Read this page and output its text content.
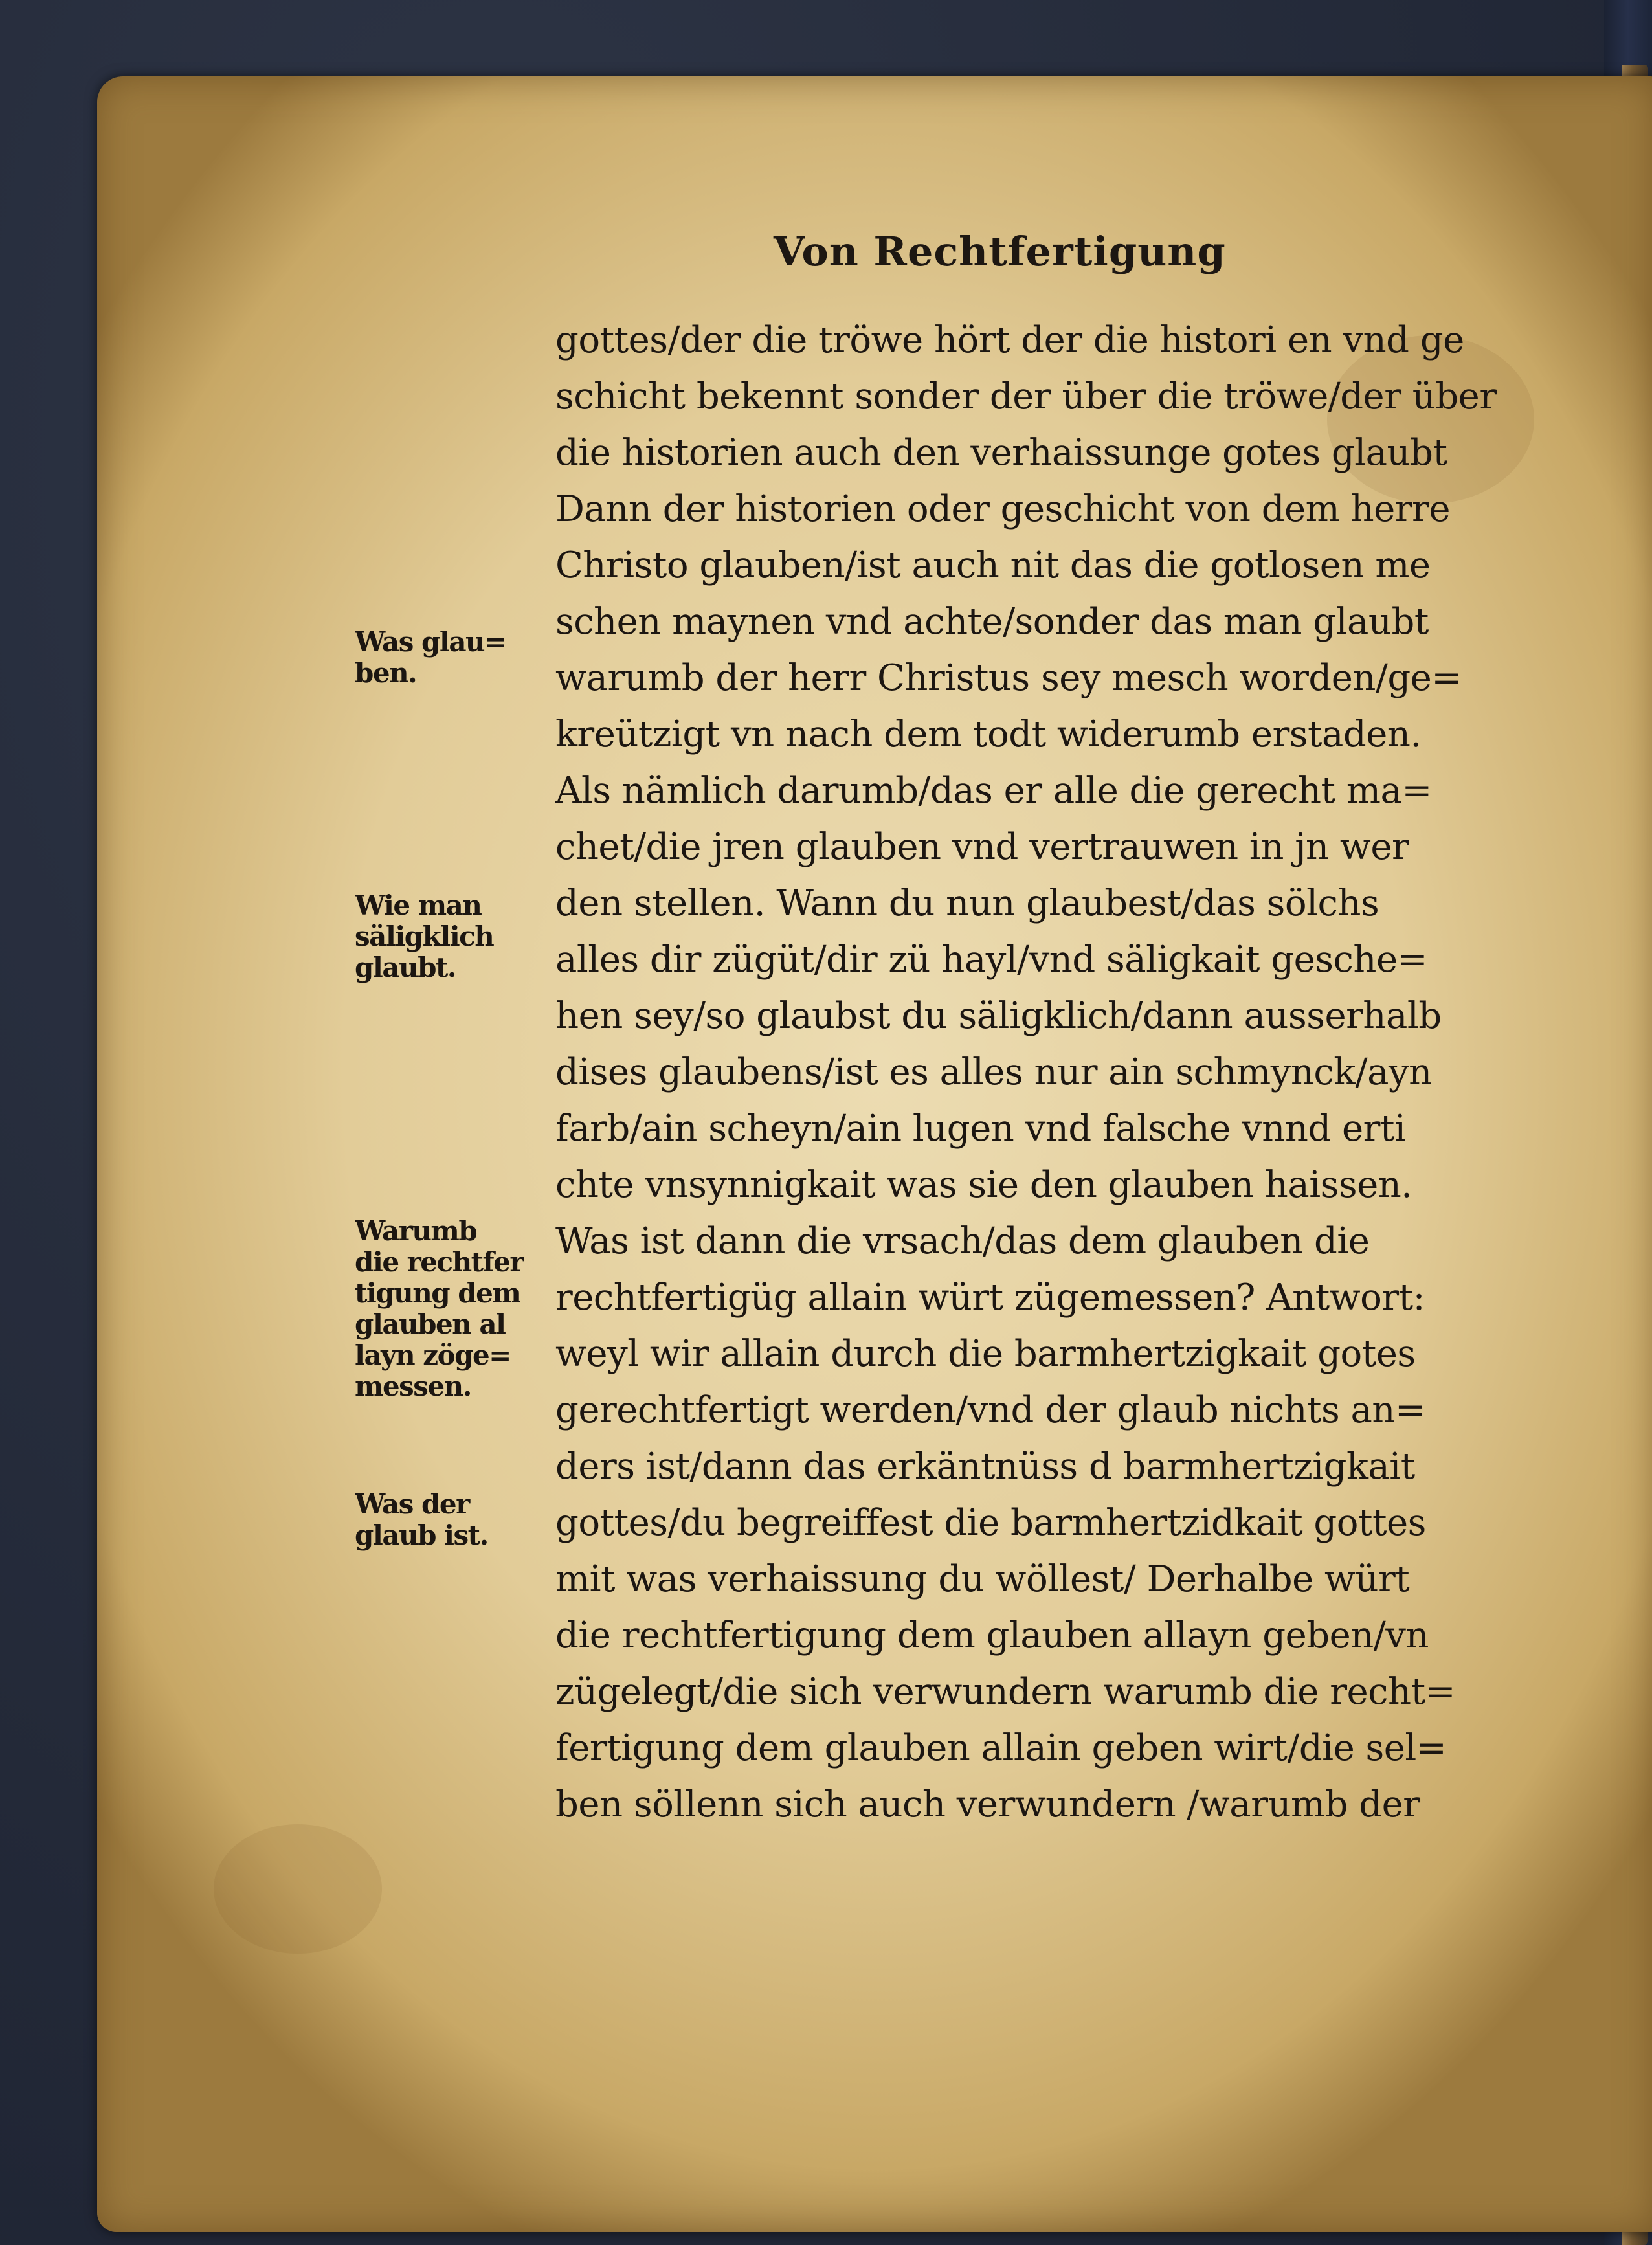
Von Rechtfertigung
gottes/der die tröwe hört der die histori en vnd ge
schicht bekennt sonder der über die tröwe/der über
die historien auch den verhaissunge gotes glaubt
Dann der historien oder geschicht von dem herre
Christo glauben/ist auch nit das die gotlosen me
schen maynen vnd achte/sonder das man glaubt
warumb der herr Christus sey mesch worden/ge=
kreützigt vn nach dem todt widerumb erstaden.
Als nämlich darumb/das er alle die gerecht ma=
chet/die jren glauben vnd vertrauwen in jn wer
den stellen. Wann du nun glaubest/das sölchs
alles dir zügüt/dir zü hayl/vnd säligkait gesche=
hen sey/so glaubst du säligklich/dann ausserhalb
dises glaubens/ist es alles nur ain schmynck/ayn
farb/ain scheyn/ain lugen vnd falsche vnnd erti
chte vnsynnigkait was sie den glauben haissen.
Was ist dann die vrsach/das dem glauben die
rechtfertigüg allain würt zügemessen? Antwort:
weyl wir allain durch die barmhertzigkait gotes
gerechtfertigt werden/vnd der glaub nichts an=
ders ist/dann das erkäntnüss d barmhertzigkait
gottes/du begreiffest die barmhertzidkait gottes
mit was verhaissung du wöllest/ Derhalbe würt
die rechtfertigung dem glauben allayn geben/vn
zügelegt/die sich verwundern warumb die recht=
fertigung dem glauben allain geben wirt/die sel=
ben söllenn sich auch verwundern /warumb der
Was glau=
ben.
Wie man
säligklich
glaubt.
Warumb
die rechtfer
tigung dem
glauben al
layn zöge=
messen.
Was der
glaub ist.
